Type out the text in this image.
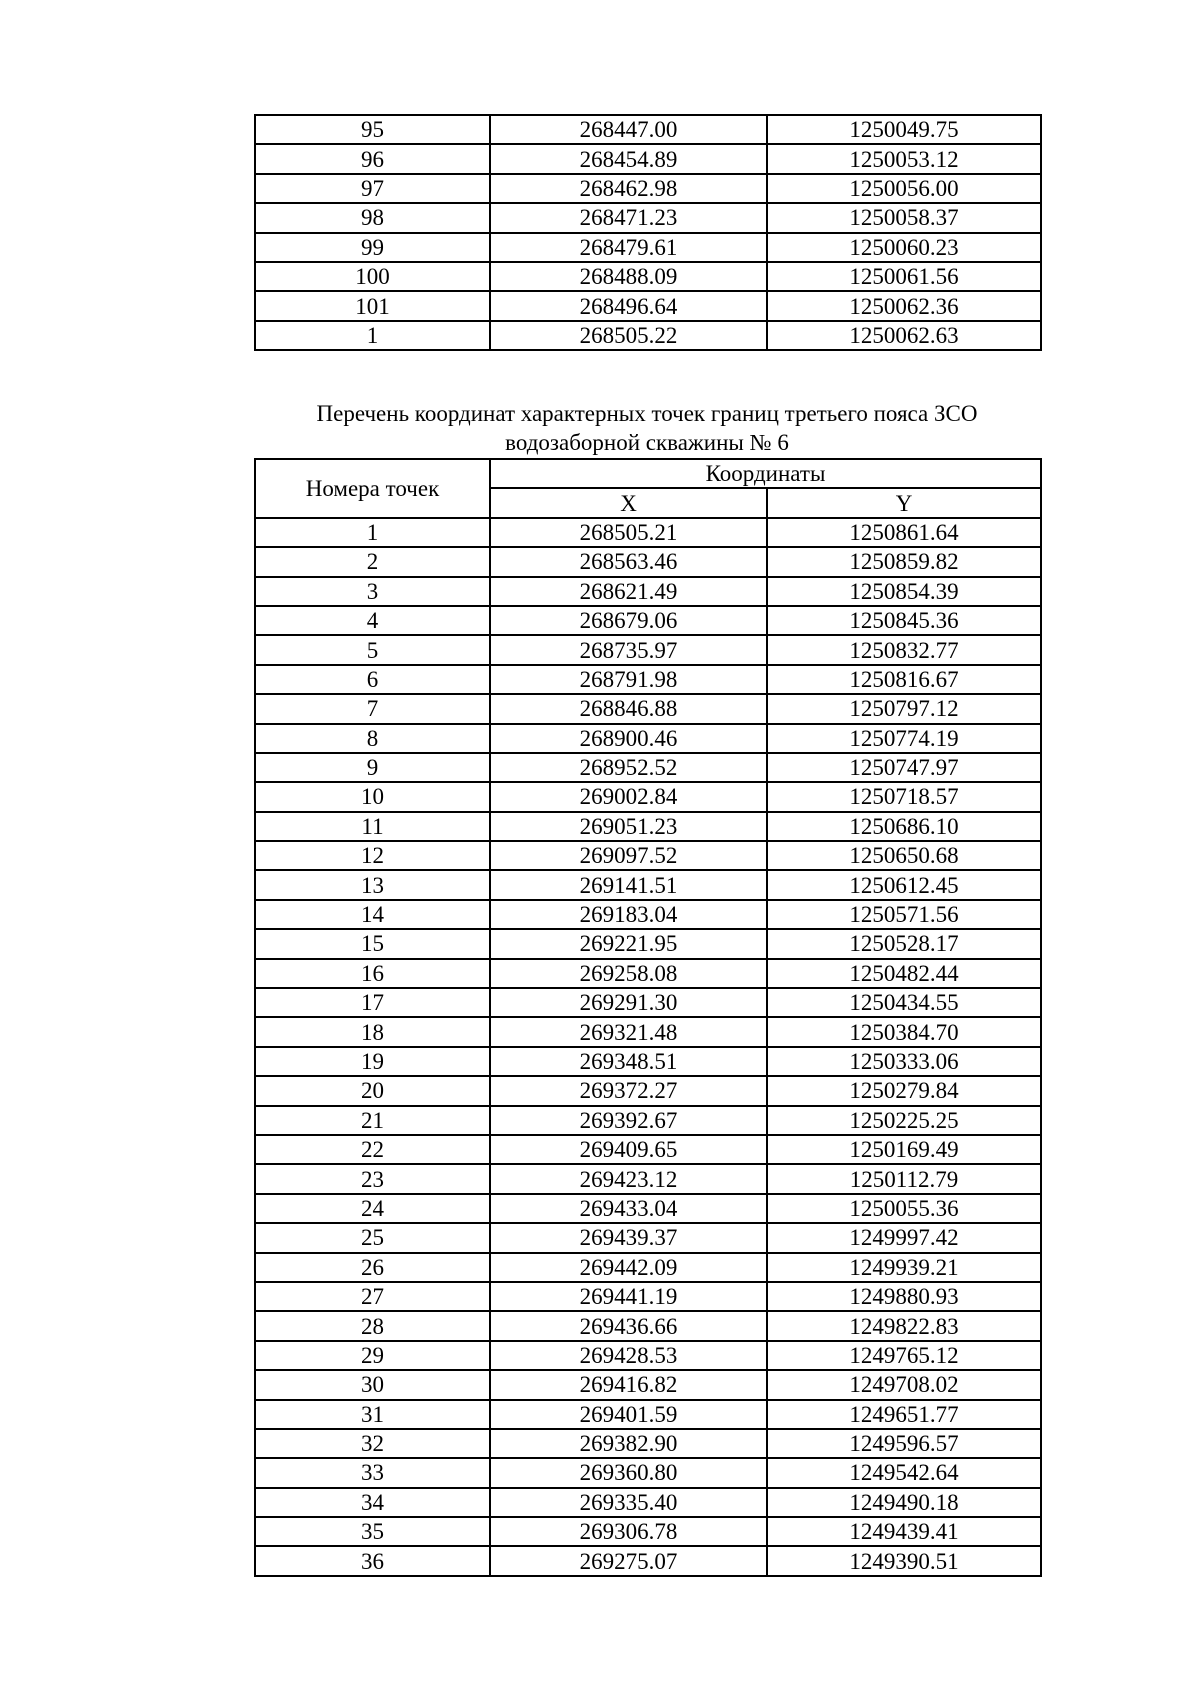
95	268447.00	1250049.75
96	268454.89	1250053.12
97	268462.98	1250056.00
98	268471.23	1250058.37
99	268479.61	1250060.23
100	268488.09	1250061.56
101	268496.64	1250062.36
1	268505.22	1250062.63
Перечень координат характерных точек границ третьего пояса ЗСО
водозаборной скважины № 6
Номера точек	Координаты	
	X	Y
1	268505.21	1250861.64
2	268563.46	1250859.82
3	268621.49	1250854.39
4	268679.06	1250845.36
5	268735.97	1250832.77
6	268791.98	1250816.67
7	268846.88	1250797.12
8	268900.46	1250774.19
9	268952.52	1250747.97
10	269002.84	1250718.57
11	269051.23	1250686.10
12	269097.52	1250650.68
13	269141.51	1250612.45
14	269183.04	1250571.56
15	269221.95	1250528.17
16	269258.08	1250482.44
17	269291.30	1250434.55
18	269321.48	1250384.70
19	269348.51	1250333.06
20	269372.27	1250279.84
21	269392.67	1250225.25
22	269409.65	1250169.49
23	269423.12	1250112.79
24	269433.04	1250055.36
25	269439.37	1249997.42
26	269442.09	1249939.21
27	269441.19	1249880.93
28	269436.66	1249822.83
29	269428.53	1249765.12
30	269416.82	1249708.02
31	269401.59	1249651.77
32	269382.90	1249596.57
33	269360.80	1249542.64
34	269335.40	1249490.18
35	269306.78	1249439.41
36	269275.07	1249390.51
